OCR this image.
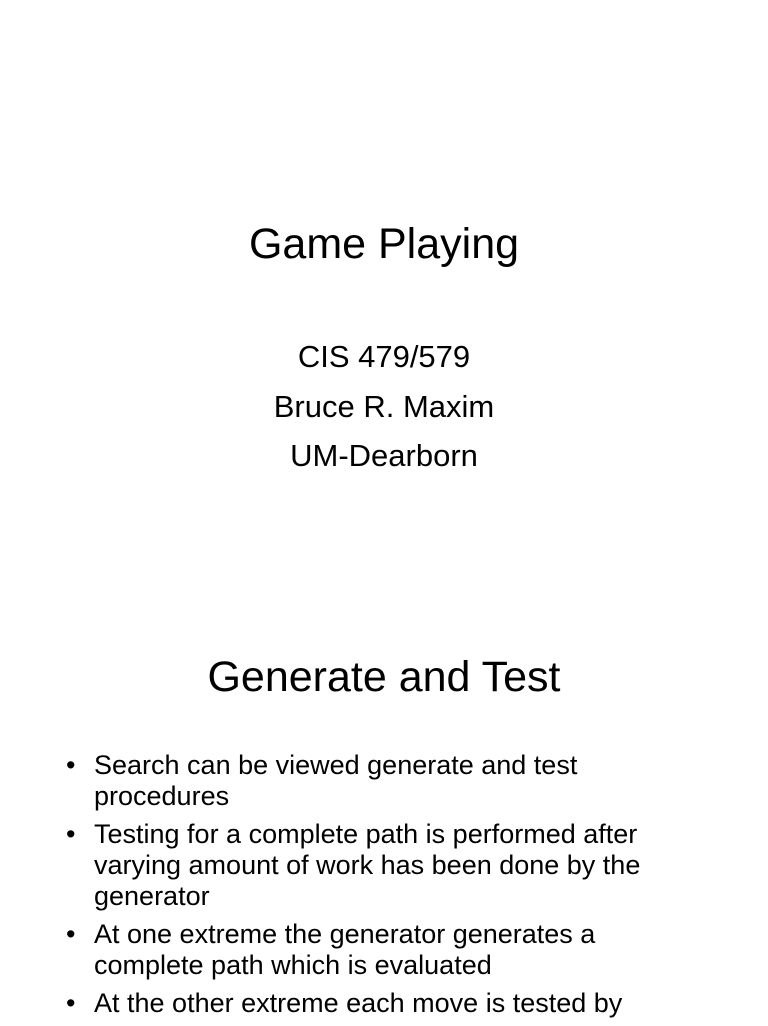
Game Playing
CIS 479/579
Bruce R. Maxim
UM-Dearborn
Generate and Test
• Search can be viewed generate and test procedures
• Testing for a complete path is performed after varying amount of work has been done by the generator
• At one extreme the generator generates a complete path which is evaluated
• At the other extreme each move is tested by
